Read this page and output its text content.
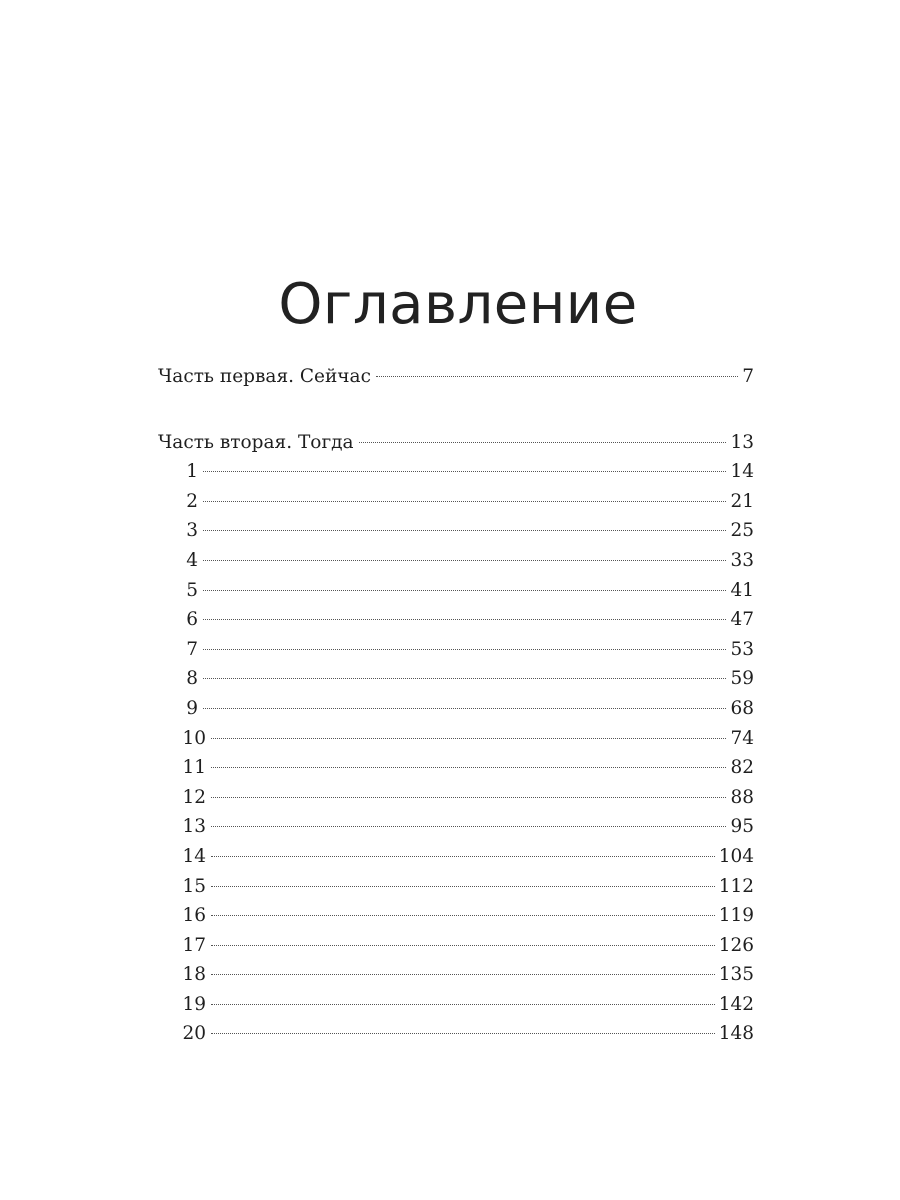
Оглавление
Часть первая. Сейчас	7
Часть вторая. Тогда	13
1	14
2	21
3	25
4	33
5	41
6	47
7	53
8	59
9	68
10	74
11	82
12	88
13	95
14	104
15	112
16	119
17	126
18	135
19	142
20	148
